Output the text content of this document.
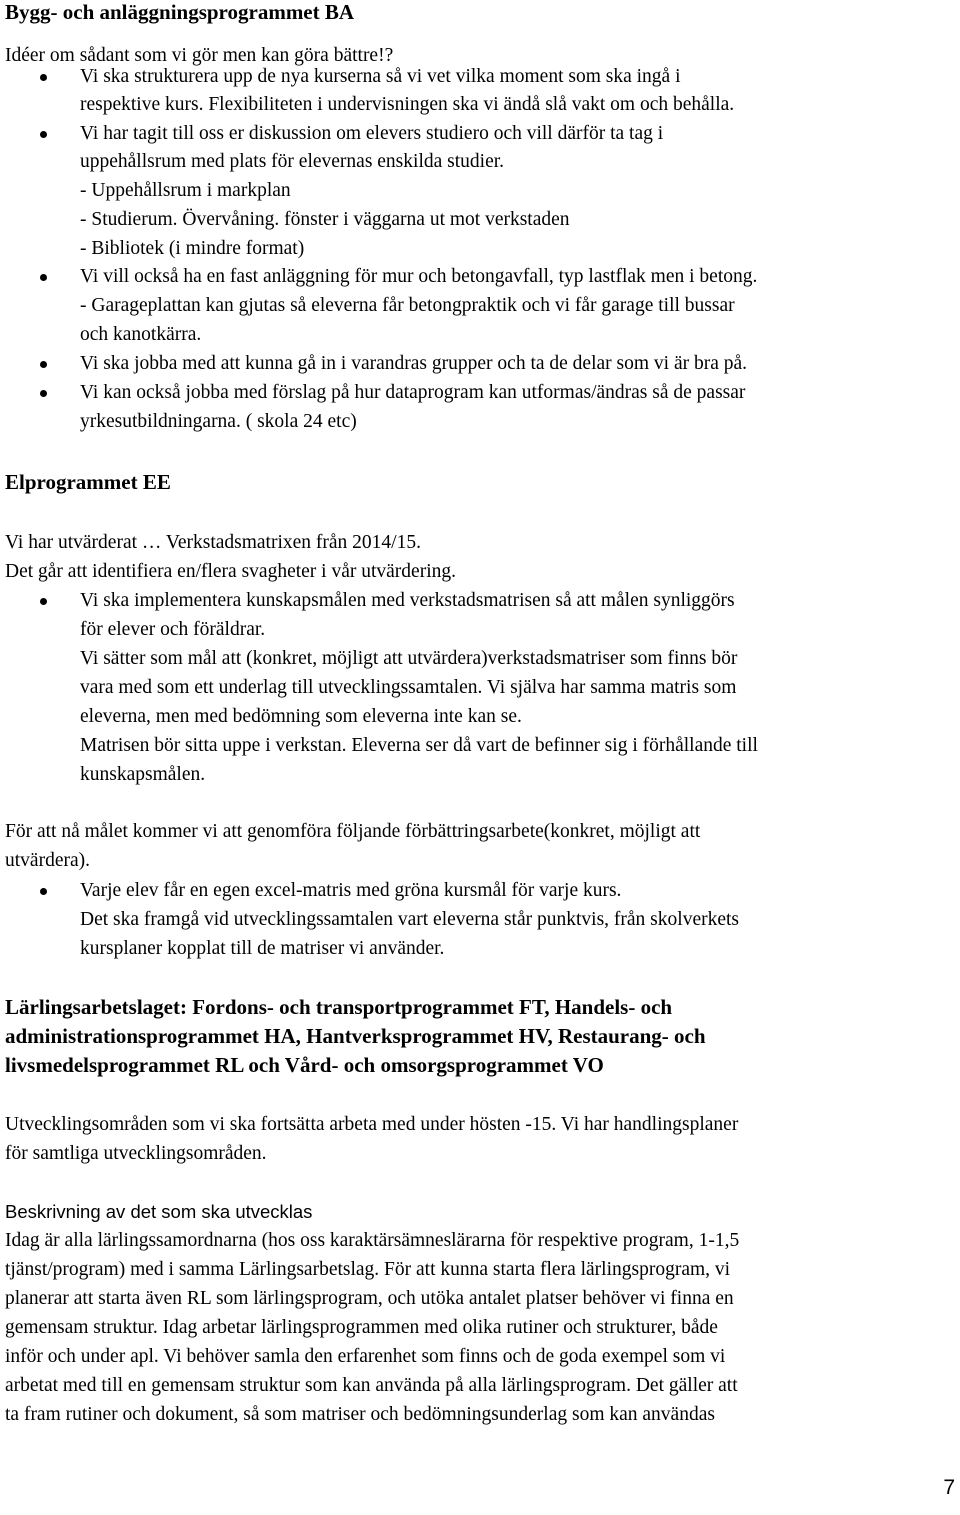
Bygg- och anläggningsprogrammet BA
Idéer om sådant som vi gör men kan göra bättre!?
Vi ska strukturera upp de nya kurserna så vi vet vilka moment som ska ingå i
respektive kurs. Flexibiliteten i undervisningen ska vi ändå slå vakt om och behålla.
Vi har tagit till oss er diskussion om elevers studiero och vill därför ta tag i
uppehållsrum med plats för elevernas enskilda studier.
- Uppehållsrum i markplan
- Studierum. Övervåning. fönster i väggarna ut mot verkstaden
- Bibliotek (i mindre format)
Vi vill också ha en fast anläggning för mur och betongavfall, typ lastflak men i betong.
- Garageplattan kan gjutas så eleverna får betongpraktik och vi får garage till bussar
och kanotkärra.
Vi ska jobba med att kunna gå in i varandras grupper och ta de delar som vi är bra på.
Vi kan också jobba med förslag på hur dataprogram kan utformas/ändras så de passar
yrkesutbildningarna. ( skola 24 etc)
Elprogrammet EE
Vi har utvärderat … Verkstadsmatrixen från 2014/15.
Det går att identifiera en/flera svagheter i vår utvärdering.
Vi ska implementera kunskapsmålen med verkstadsmatrisen så att målen synliggörs
för elever och föräldrar.
Vi sätter som mål att (konkret, möjligt att utvärdera)verkstadsmatriser som finns bör
vara med som ett underlag till utvecklingssamtalen. Vi själva har samma matris som
eleverna, men med bedömning som eleverna inte kan se.
Matrisen bör sitta uppe i verkstan. Eleverna ser då vart de befinner sig i förhållande till
kunskapsmålen.
För att nå målet kommer vi att genomföra följande förbättringsarbete(konkret, möjligt att
utvärdera).
Varje elev får en egen excel-matris med gröna kursmål för varje kurs.
Det ska framgå vid utvecklingssamtalen vart eleverna står punktvis, från skolverkets
kursplaner kopplat till de matriser vi använder.
Lärlingsarbetslaget: Fordons- och transportprogrammet FT, Handels- och
administrationsprogrammet HA, Hantverksprogrammet HV, Restaurang- och
livsmedelsprogrammet RL och Vård- och omsorgsprogrammet VO
Utvecklingsområden som vi ska fortsätta arbeta med under hösten -15. Vi har handlingsplaner
för samtliga utvecklingsområden.
Beskrivning av det som ska utvecklas
Idag är alla lärlingssamordnarna (hos oss karaktärsämneslärarna för respektive program, 1-1,5
tjänst/program) med i samma Lärlingsarbetslag. För att kunna starta flera lärlingsprogram, vi
planerar att starta även RL som lärlingsprogram, och utöka antalet platser behöver vi finna en
gemensam struktur. Idag arbetar lärlingsprogrammen med olika rutiner och strukturer, både
inför och under apl. Vi behöver samla den erfarenhet som finns och de goda exempel som vi
arbetat med till en gemensam struktur som kan använda på alla lärlingsprogram. Det gäller att
ta fram rutiner och dokument, så som matriser och bedömningsunderlag som kan användas
7
